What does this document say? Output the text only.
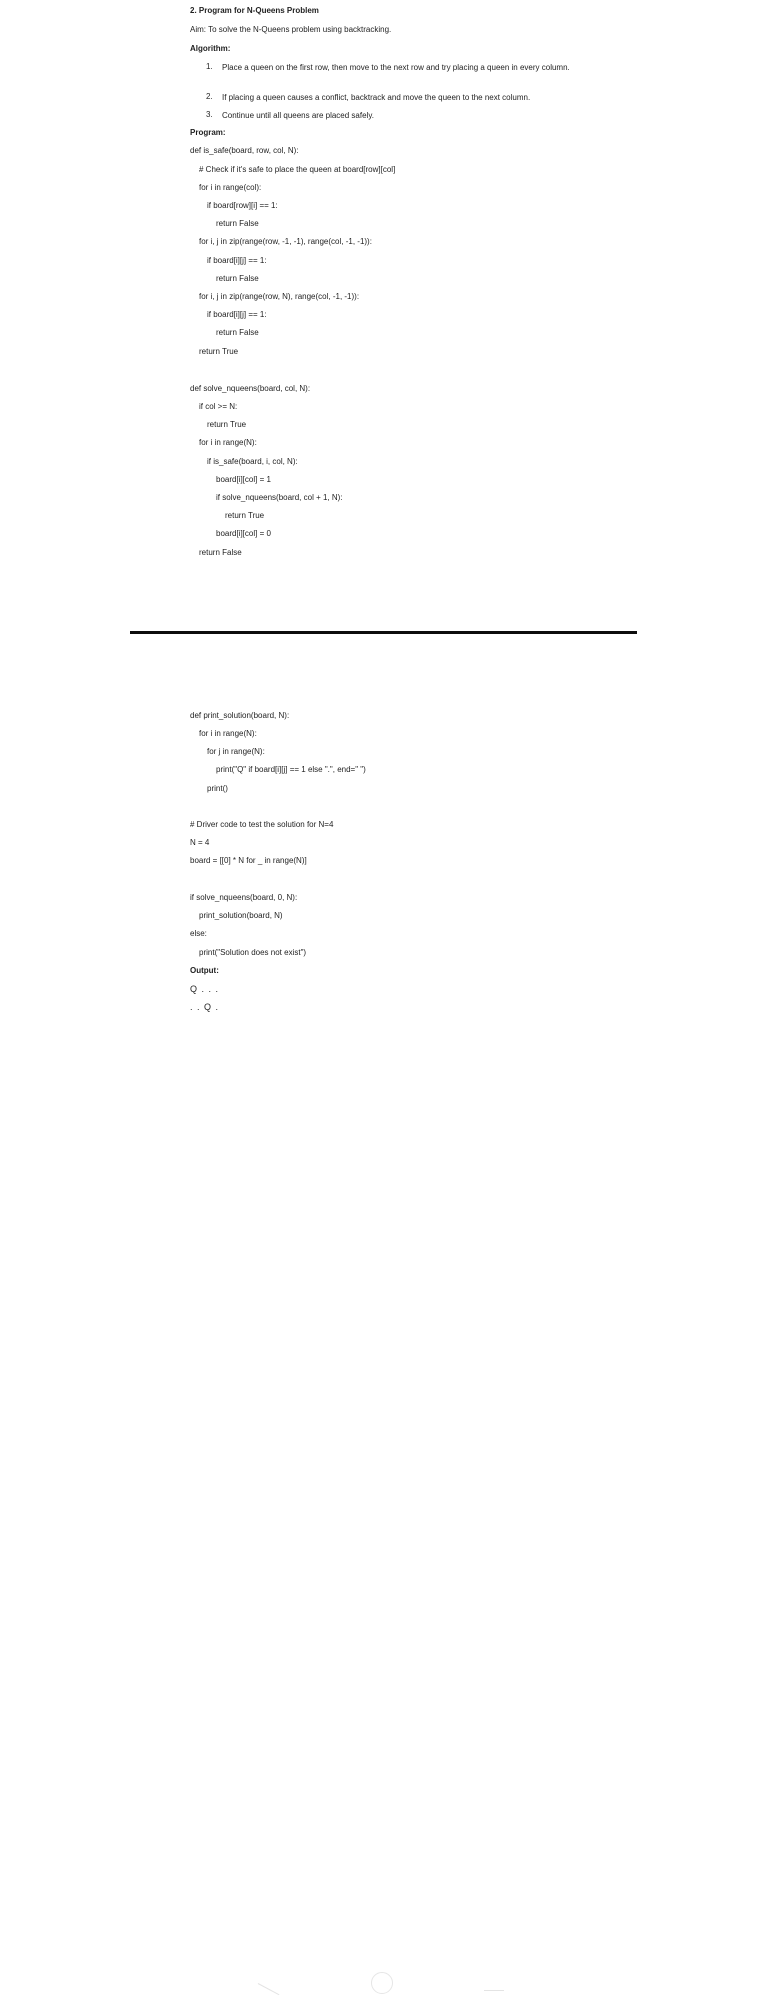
2. Program for N-Queens Problem
Aim: To solve the N-Queens problem using backtracking.
Algorithm:
1. Place a queen on the first row, then move to the next row and try placing a queen in every column.
2. If placing a queen causes a conflict, backtrack and move the queen to the next column.
3. Continue until all queens are placed safely.
Program:
def is_safe(board, row, col, N):
# Check if it's safe to place the queen at board[row][col]
for i in range(col):
if board[row][i] == 1:
return False
for i, j in zip(range(row, -1, -1), range(col, -1, -1)):
if board[i][j] == 1:
return False
for i, j in zip(range(row, N), range(col, -1, -1)):
if board[i][j] == 1:
return False
return True
def solve_nqueens(board, col, N):
if col >= N:
return True
for i in range(N):
if is_safe(board, i, col, N):
board[i][col] = 1
if solve_nqueens(board, col + 1, N):
return True
board[i][col] = 0
return False
def print_solution(board, N):
for i in range(N):
for j in range(N):
print("Q" if board[i][j] == 1 else ".", end=" ")
print()
# Driver code to test the solution for N=4
N = 4
board = [[0] * N for _ in range(N)]
if solve_nqueens(board, 0, N):
print_solution(board, N)
else:
print("Solution does not exist")
Output:
Q . . .
. . Q .
